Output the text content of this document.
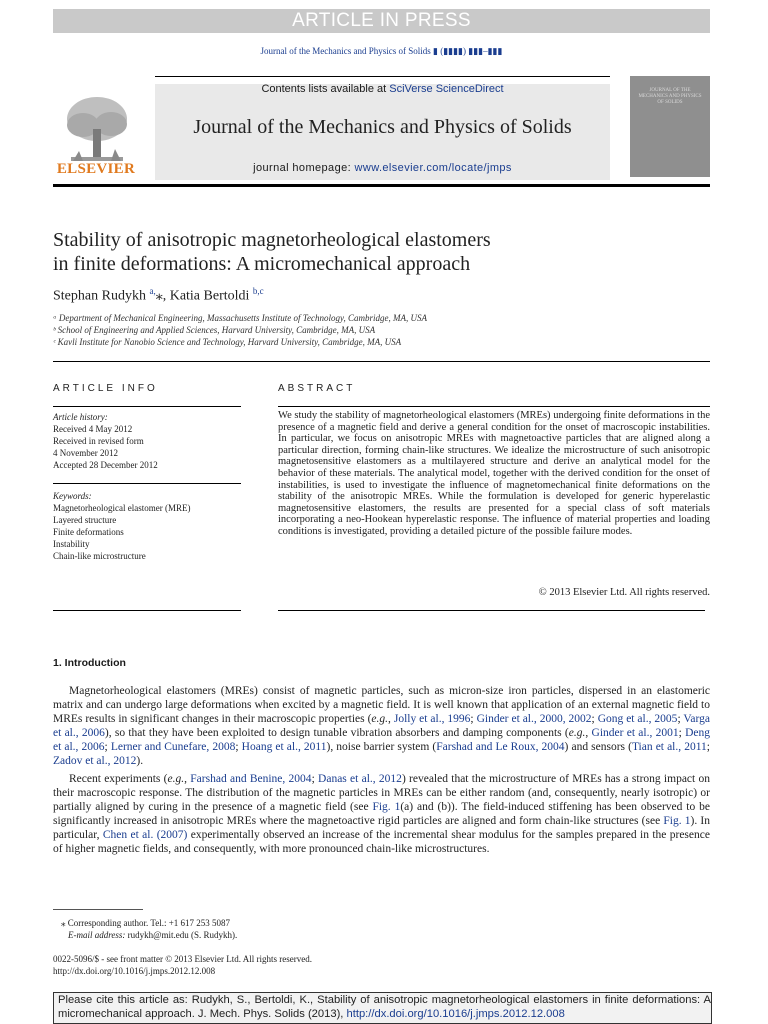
ARTICLE IN PRESS
Journal of the Mechanics and Physics of Solids ▮ (▮▮▮▮) ▮▮▮–▮▮▮
Contents lists available at SciVerse ScienceDirect
Journal of the Mechanics and Physics of Solids
journal homepage: www.elsevier.com/locate/jmps
ELSEVIER
JOURNAL OF THE MECHANICS AND PHYSICS OF SOLIDS
Stability of anisotropic magnetorheological elastomers
in finite deformations: A micromechanical approach
Stephan Rudykh $^{a,}$⁎, Katia Bertoldi $^{b,c}$
ᵃ Department of Mechanical Engineering, Massachusetts Institute of Technology, Cambridge, MA, USA
ᵇ School of Engineering and Applied Sciences, Harvard University, Cambridge, MA, USA
ᶜ Kavli Institute for Nanobio Science and Technology, Harvard University, Cambridge, MA, USA
ARTICLE INFO	ABSTRACT
Article history:
Received 4 May 2012
Received in revised form
4 November 2012
Accepted 28 December 2012
Keywords:
Magnetorheological elastomer (MRE)
Layered structure
Finite deformations
Instability
Chain-like microstructure
We study the stability of magnetorheological elastomers (MREs) undergoing finite deformations in the presence of a magnetic field and derive a general condition for the onset of macroscopic instabilities. In particular, we focus on anisotropic MREs with magnetoactive particles that are aligned along a particular direction, forming chain-like structures. We idealize the microstructure of such anisotropic magnetosensitive elastomers as a multilayered structure and derive an analytical model for the behavior of these materials. The analytical model, together with the derived condition for the onset of instabilities, is used to investigate the influence of magnetomechanical finite deformations on the stability of the anisotropic MREs. While the formulation is developed for generic hyperelastic magnetosensitive elastomers, the results are presented for a special class of soft materials incorporating a neo-Hookean hyperelastic response. The influence of material properties and loading conditions is investigated, providing a detailed picture of the possible failure modes.
© 2013 Elsevier Ltd. All rights reserved.
1. Introduction
Magnetorheological elastomers (MREs) consist of magnetic particles, such as micron-size iron particles, dispersed in an elastomeric matrix and can undergo large deformations when excited by a magnetic field. It is well known that application of an external magnetic field to MREs results in significant changes in their macroscopic properties (e.g., Jolly et al., 1996; Ginder et al., 2000, 2002; Gong et al., 2005; Varga et al., 2006), so that they have been exploited to design tunable vibration absorbers and damping components (e.g., Ginder et al., 2001; Deng et al., 2006; Lerner and Cunefare, 2008; Hoang et al., 2011), noise barrier system (Farshad and Le Roux, 2004) and sensors (Tian et al., 2011; Zadov et al., 2012).
Recent experiments (e.g., Farshad and Benine, 2004; Danas et al., 2012) revealed that the microstructure of MREs has a strong impact on their macroscopic response. The distribution of the magnetic particles in MREs can be either random (and, consequently, nearly isotropic) or partially aligned by curing in the presence of a magnetic field (see Fig. 1(a) and (b)). The field-induced stiffening has been observed to be significantly increased in anisotropic MREs where the magnetoactive rigid particles are aligned and form chain-like structures (see Fig. 1). In particular, Chen et al. (2007) experimentally observed an increase of the incremental shear modulus for the samples prepared in the presence of higher magnetic fields, and consequently, with more pronounced chain-like microstructures.
⁎ Corresponding author. Tel.: +1 617 253 5087
E-mail address: rudykh@mit.edu (S. Rudykh).
0022-5096/$ - see front matter © 2013 Elsevier Ltd. All rights reserved.
http://dx.doi.org/10.1016/j.jmps.2012.12.008
Please cite this article as: Rudykh, S., Bertoldi, K., Stability of anisotropic magnetorheological elastomers in finite deformations: A micromechanical approach. J. Mech. Phys. Solids (2013), http://dx.doi.org/10.1016/j.jmps.2012.12.008
